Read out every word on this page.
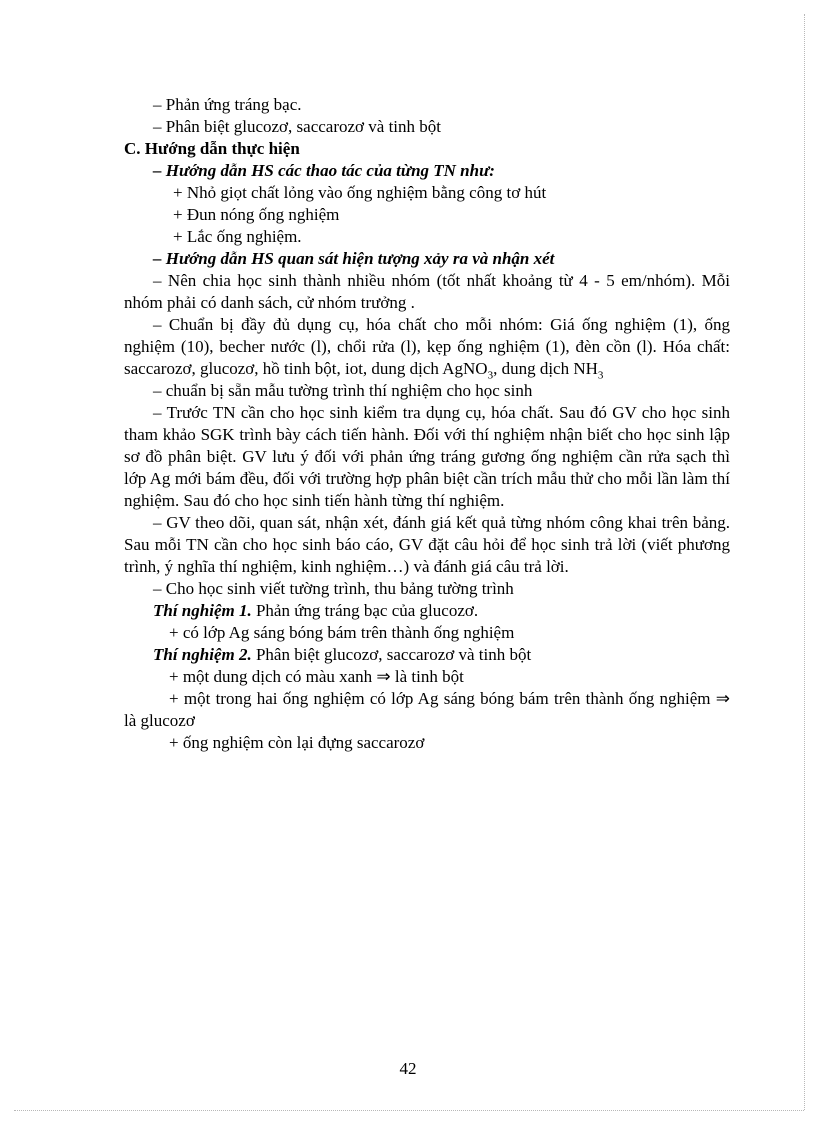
– Phản ứng tráng bạc.

– Phân biệt glucozơ, saccarozơ và tinh bột

C. Hướng dẫn thực hiện

– Hướng dẫn HS các thao tác của từng TN như:

+ Nhỏ giọt chất lỏng vào ống nghiệm bằng công tơ hút

+ Đun nóng ống nghiệm

+ Lắc ống nghiệm.

– Hướng dẫn HS quan sát hiện tượng xảy ra và nhận xét

– Nên chia học sinh thành nhiều nhóm (tốt nhất khoảng từ 4 - 5 em/nhóm). Mỗi nhóm phải có danh sách, cử nhóm trưởng .

– Chuẩn bị đầy đủ dụng cụ, hóa chất cho mỗi nhóm: Giá ống nghiệm (1), ống nghiệm (10), becher nước (l), chổi rửa (l), kẹp ống nghiệm (1), đèn cồn (l). Hóa chất: saccarozơ, glucozơ, hồ tinh bột, iot, dung dịch AgNO$_3$, dung dịch $NH_3$

– chuẩn bị sẵn mẫu tường trình thí nghiệm cho học sinh

– Trước TN cần cho học sinh kiểm tra dụng cụ, hóa chất. Sau đó GV cho học sinh tham khảo SGK trình bày cách tiến hành. Đối với thí nghiệm nhận biết cho học sinh lập sơ đồ phân biệt. GV lưu ý đối với phản ứng tráng gương ống nghiệm cần rửa sạch thì lớp Ag mới bám đều, đối với trường hợp phân biệt cần trích mẫu thử cho mỗi lần làm thí nghiệm. Sau đó cho học sinh tiến hành từng thí nghiệm.

– GV theo dõi, quan sát, nhận xét, đánh giá kết quả từng nhóm công khai trên bảng. Sau mỗi TN cần cho học sinh báo cáo, GV đặt câu hỏi để học sinh trả lời (viết phương trình, ý nghĩa thí nghiệm, kinh nghiệm…) và đánh giá câu trả lời.

– Cho học sinh viết tường trình, thu bảng tường trình

Thí nghiệm 1. Phản ứng tráng bạc của glucozơ.

+ có lớp Ag sáng bóng bám trên thành ống nghiệm

Thí nghiệm 2. Phân biệt glucozơ, saccarozơ và tinh bột

+ một dung dịch có màu xanh ⇒ là tinh bột

+ một trong hai ống nghiệm có lớp Ag sáng bóng bám trên thành ống nghiệm ⇒ là glucozơ

+ ống nghiệm còn lại đựng saccarozơ

42
